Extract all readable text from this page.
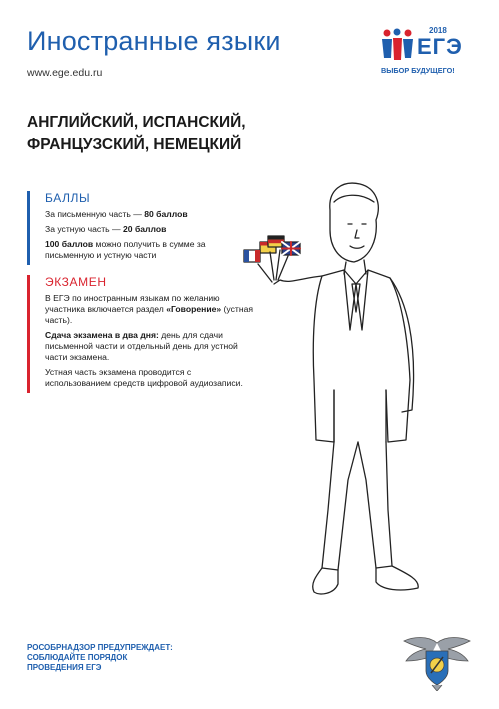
Иностранные языки
www.ege.edu.ru
2018
ЕГЭ
ВЫБОР БУДУЩЕГО!
АНГЛИЙСКИЙ, ИСПАНСКИЙ,
ФРАНЦУЗСКИЙ, НЕМЕЦКИЙ
БАЛЛЫ

За письменную часть — 80 баллов

За устную часть — 20 баллов

100 баллов можно получить в сумме за письменную и устную части

ЭКЗАМЕН

В ЕГЭ по иностранным языкам по желанию участника включается раздел «Говорение» (устная часть).

Сдача экзамена в два дня: день для сдачи письменной части и отдельный день для устной части экзамена.

Устная часть экзамена проводится с использованием средств цифровой аудиозаписи.

РОСОБРНАДЗОР ПРЕДУПРЕЖДАЕТ:
СОБЛЮДАЙТЕ ПОРЯДОК
ПРОВЕДЕНИЯ ЕГЭ
